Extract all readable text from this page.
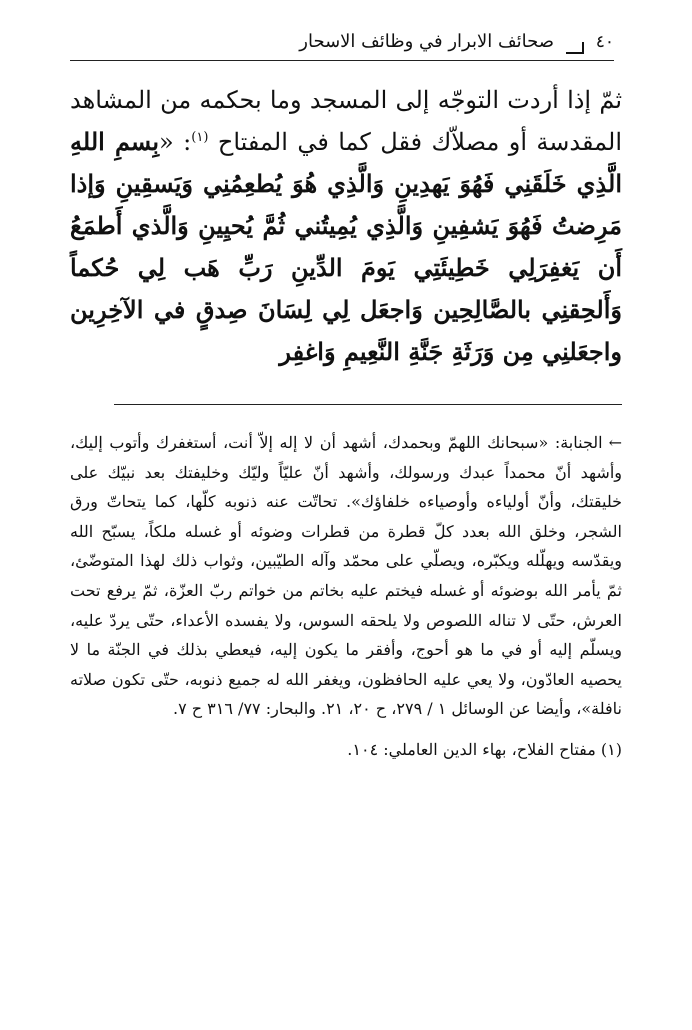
٤٠
صحائف الابرار في وظائف الاسحار

ثمّ إذا أردت التوجّه إلى المسجد وما بحكمه من المشاهد المقدسة أو مصلاّك فقل كما في المفتاح $^{(١)}$: «بِسمِ اللهِ الَّذِي خَلَقَنِي فَهُوَ يَهدِينِ وَالَّذِي هُوَ يُطعِمُنِي وَيَسقِينِ وَإذا مَرِضتُ فَهُوَ يَشفِينِ وَالَّذِي يُمِيتُني ثُمَّ يُحيِينِ وَالَّذي أَطمَعُ أَن يَغفِرَلِي خَطِيئَتِي يَومَ الدِّينِ رَبِّ هَب لِي حُكماً وَأَلحِقنِي بالصَّالِحِين وَاجعَل لِي لِسَانَ صِدقٍ في الآخِرِين واجعَلنِي مِن وَرَثَةِ جَنَّةِ النَّعِيمِ وَاغفِر

←الجنابة: «سبحانك اللهمّ وبحمدك، أشهد أن لا إله إلاّ أنت، أستغفرك وأتوب إليك، وأشهد أنّ محمداً عبدك ورسولك، وأشهد أنّ عليّاً وليّك وخليفتك بعد نبيّك على خليقتك، وأنّ أولياءه وأوصياءه خلفاؤك». تحاتّت عنه ذنوبه كلّها، كما يتحاتّ ورق الشجر، وخلق الله بعدد كلّ قطرة من قطرات وضوئه أو غسله ملكاً، يسبّح الله ويقدّسه ويهلّله ويكبّره، ويصلّي على محمّد وآله الطيّبين، وثواب ذلك لهذا المتوضّئ، ثمّ يأمر الله بوضوئه أو غسله فيختم عليه بخاتم من خواتم ربّ العزّة، ثمّ يرفع تحت العرش، حتّى لا تناله اللصوص ولا يلحقه السوس، ولا يفسده الأعداء، حتّى يردّ عليه، ويسلّم إليه أو في ما هو أحوج، وأفقر ما يكون إليه، فيعطي بذلك في الجنّة ما لا يحصيه العادّون، ولا يعي عليه الحافظون، ويغفر الله له جميع ذنوبه، حتّى تكون صلاته نافلة»، وأيضا عن الوسائل ١ / ٢٧٩، ح ٢٠، ٢١. والبحار: ٧٧/ ٣١٦ ح ٧.

(١) مفتاح الفلاح، بهاء الدين العاملي: ١٠٤.
